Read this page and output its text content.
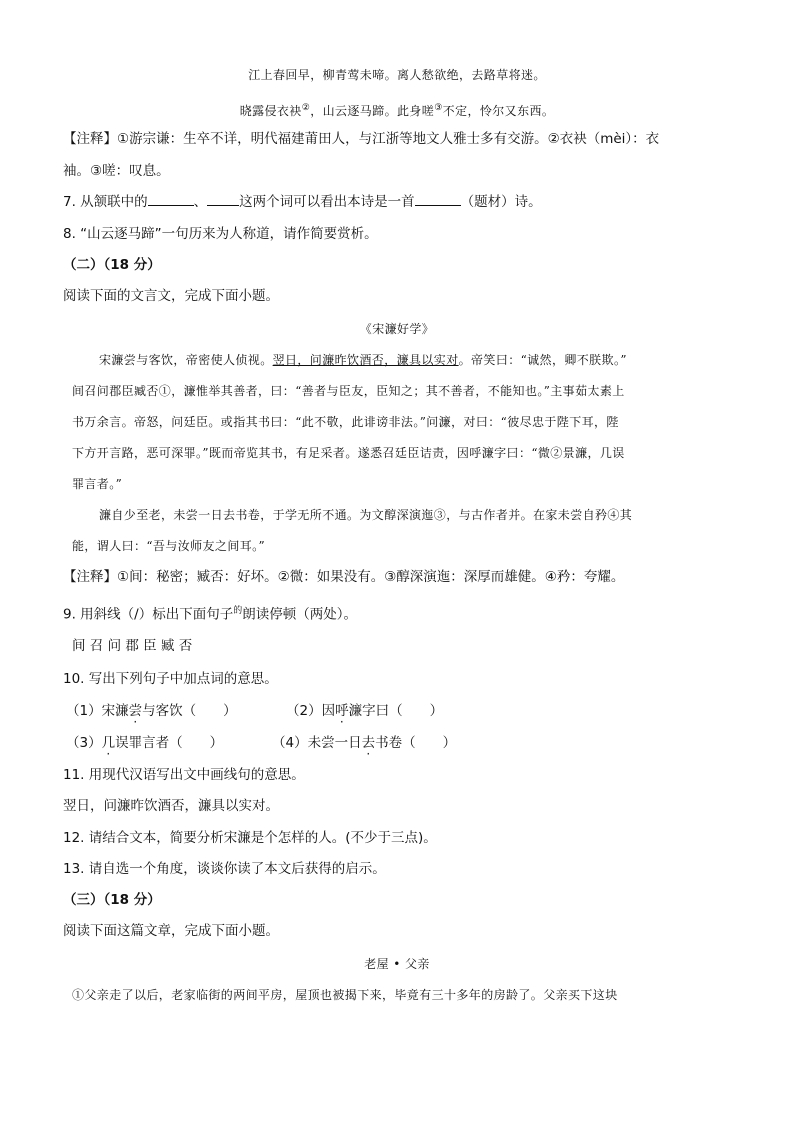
江上春回早，柳青莺未啼。离人愁欲绝，去路草将迷。
晓露侵衣袂②，山云逐马蹄。此身嗟③不定，怜尔又东西。
【注释】①游宗谦：生卒不详，明代福建莆田人，与江浙等地文人雅士多有交游。②衣袂（mèi）：衣
袖。③嗟：叹息。
7. 从颔联中的	、 这两个词可以看出本诗是一首	（题材）诗。
8. “山云逐马蹄”一句历来为人称道，请作简要赏析。
（二）（18 分）
阅读下面的文言文，完成下面小题。
《宋濂好学》
宋濂尝与客饮，帝密使人侦视。翌日，问濂昨饮酒否，濂具以实对。帝笑曰：“诚然，卿不朕欺。”
间召问郡臣臧否①，濂惟举其善者，曰：“善者与臣友，臣知之；其不善者，不能知也。”主事茹太素上
书万余言。帝怒，问廷臣。或指其书曰：“此不敬，此诽谤非法。”问濂，对曰：“彼尽忠于陛下耳，陛
下方开言路，恶可深罪。”既而帝览其书，有足采者。遂悉召廷臣诘责，因呼濂字曰：“微②景濂，几误
罪言者。”
濂自少至老，未尝一日去书卷，于学无所不通。为文醇深演迤③，与古作者并。在家未尝自矜④其
能，谓人曰：“吾与汝师友之间耳。”
【注释】①间：秘密；臧否：好坏。②微：如果没有。③醇深演迤：深厚而雄健。④矜：夸耀。
9. 用斜线（/）标出下面句子$^的$朗读停顿（两处）。
间 召 问 郡 臣 臧 否
10. 写出下列句子中加点词的意思。
（1）宋濂尝与客饮（　　）	（2）因呼濂字曰（　　）
（3）几误罪言者（　　）	（4）未尝一日去书卷（　　）
11. 用现代汉语写出文中画线句的意思。
翌日，问濂昨饮酒否，濂具以实对。
12. 请结合文本，简要分析宋濂是个怎样的人。(不少于三点)。
13. 请自选一个角度，谈谈你读了本文后获得的启示。
（三）（18 分）
阅读下面这篇文章，完成下面小题。
老屋 • 父亲
①父亲走了以后，老家临街的两间平房，屋顶也被揭下来，毕竟有三十多年的房龄了。父亲买下这块
